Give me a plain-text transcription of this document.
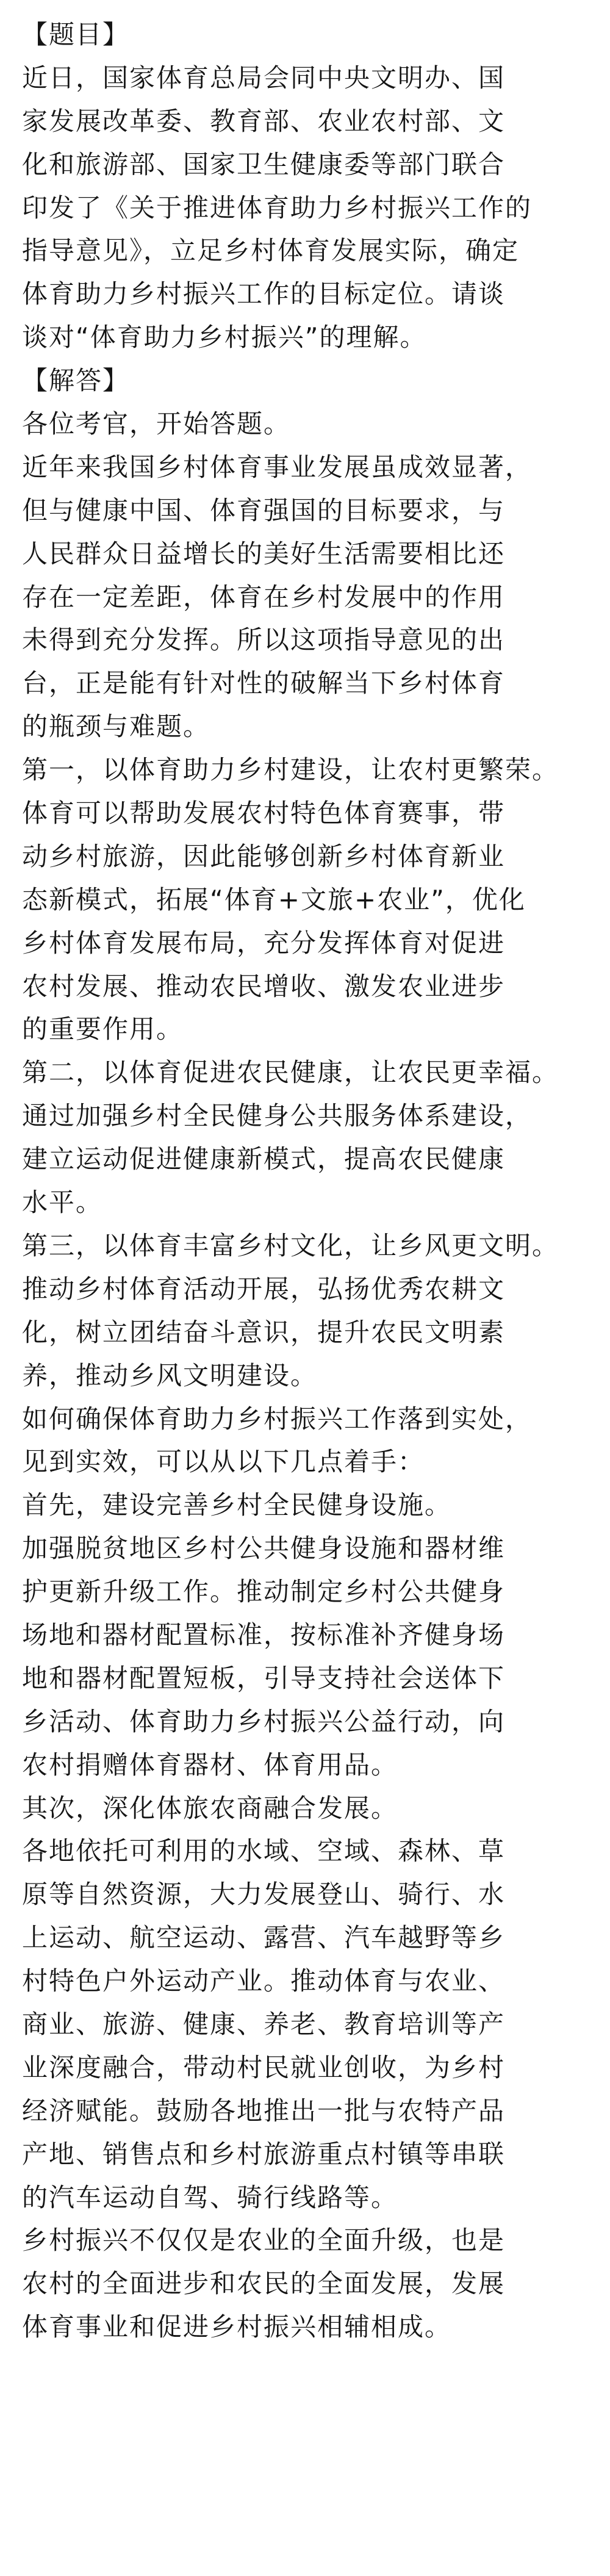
【题目】
近日，国家体育总局会同中央文明办、国
家发展改革委、教育部、农业农村部、文
化和旅游部、国家卫生健康委等部门联合
印发了《关于推进体育助力乡村振兴工作的
指导意见》，立足乡村体育发展实际，确定
体育助力乡村振兴工作的目标定位。请谈
谈对“体育助力乡村振兴”的理解。
【解答】
各位考官，开始答题。
近年来我国乡村体育事业发展虽成效显著，
但与健康中国、体育强国的目标要求，与
人民群众日益增长的美好生活需要相比还
存在一定差距，体育在乡村发展中的作用
未得到充分发挥。所以这项指导意见的出
台，正是能有针对性的破解当下乡村体育
的瓶颈与难题。
第一，以体育助力乡村建设，让农村更繁荣。
体育可以帮助发展农村特色体育赛事，带
动乡村旅游，因此能够创新乡村体育新业
态新模式，拓展“体育+文旅+农业”，优化
乡村体育发展布局，充分发挥体育对促进
农村发展、推动农民增收、激发农业进步
的重要作用。
第二，以体育促进农民健康，让农民更幸福。
通过加强乡村全民健身公共服务体系建设，
建立运动促进健康新模式，提高农民健康
水平。
第三，以体育丰富乡村文化，让乡风更文明。
推动乡村体育活动开展，弘扬优秀农耕文
化，树立团结奋斗意识，提升农民文明素
养，推动乡风文明建设。
如何确保体育助力乡村振兴工作落到实处，
见到实效，可以从以下几点着手：
首先，建设完善乡村全民健身设施。
加强脱贫地区乡村公共健身设施和器材维
护更新升级工作。推动制定乡村公共健身
场地和器材配置标准，按标准补齐健身场
地和器材配置短板，引导支持社会送体下
乡活动、体育助力乡村振兴公益行动，向
农村捐赠体育器材、体育用品。
其次，深化体旅农商融合发展。
各地依托可利用的水域、空域、森林、草
原等自然资源，大力发展登山、骑行、水
上运动、航空运动、露营、汽车越野等乡
村特色户外运动产业。推动体育与农业、
商业、旅游、健康、养老、教育培训等产
业深度融合，带动村民就业创收，为乡村
经济赋能。鼓励各地推出一批与农特产品
产地、销售点和乡村旅游重点村镇等串联
的汽车运动自驾、骑行线路等。
乡村振兴不仅仅是农业的全面升级，也是
农村的全面进步和农民的全面发展，发展
体育事业和促进乡村振兴相辅相成。
